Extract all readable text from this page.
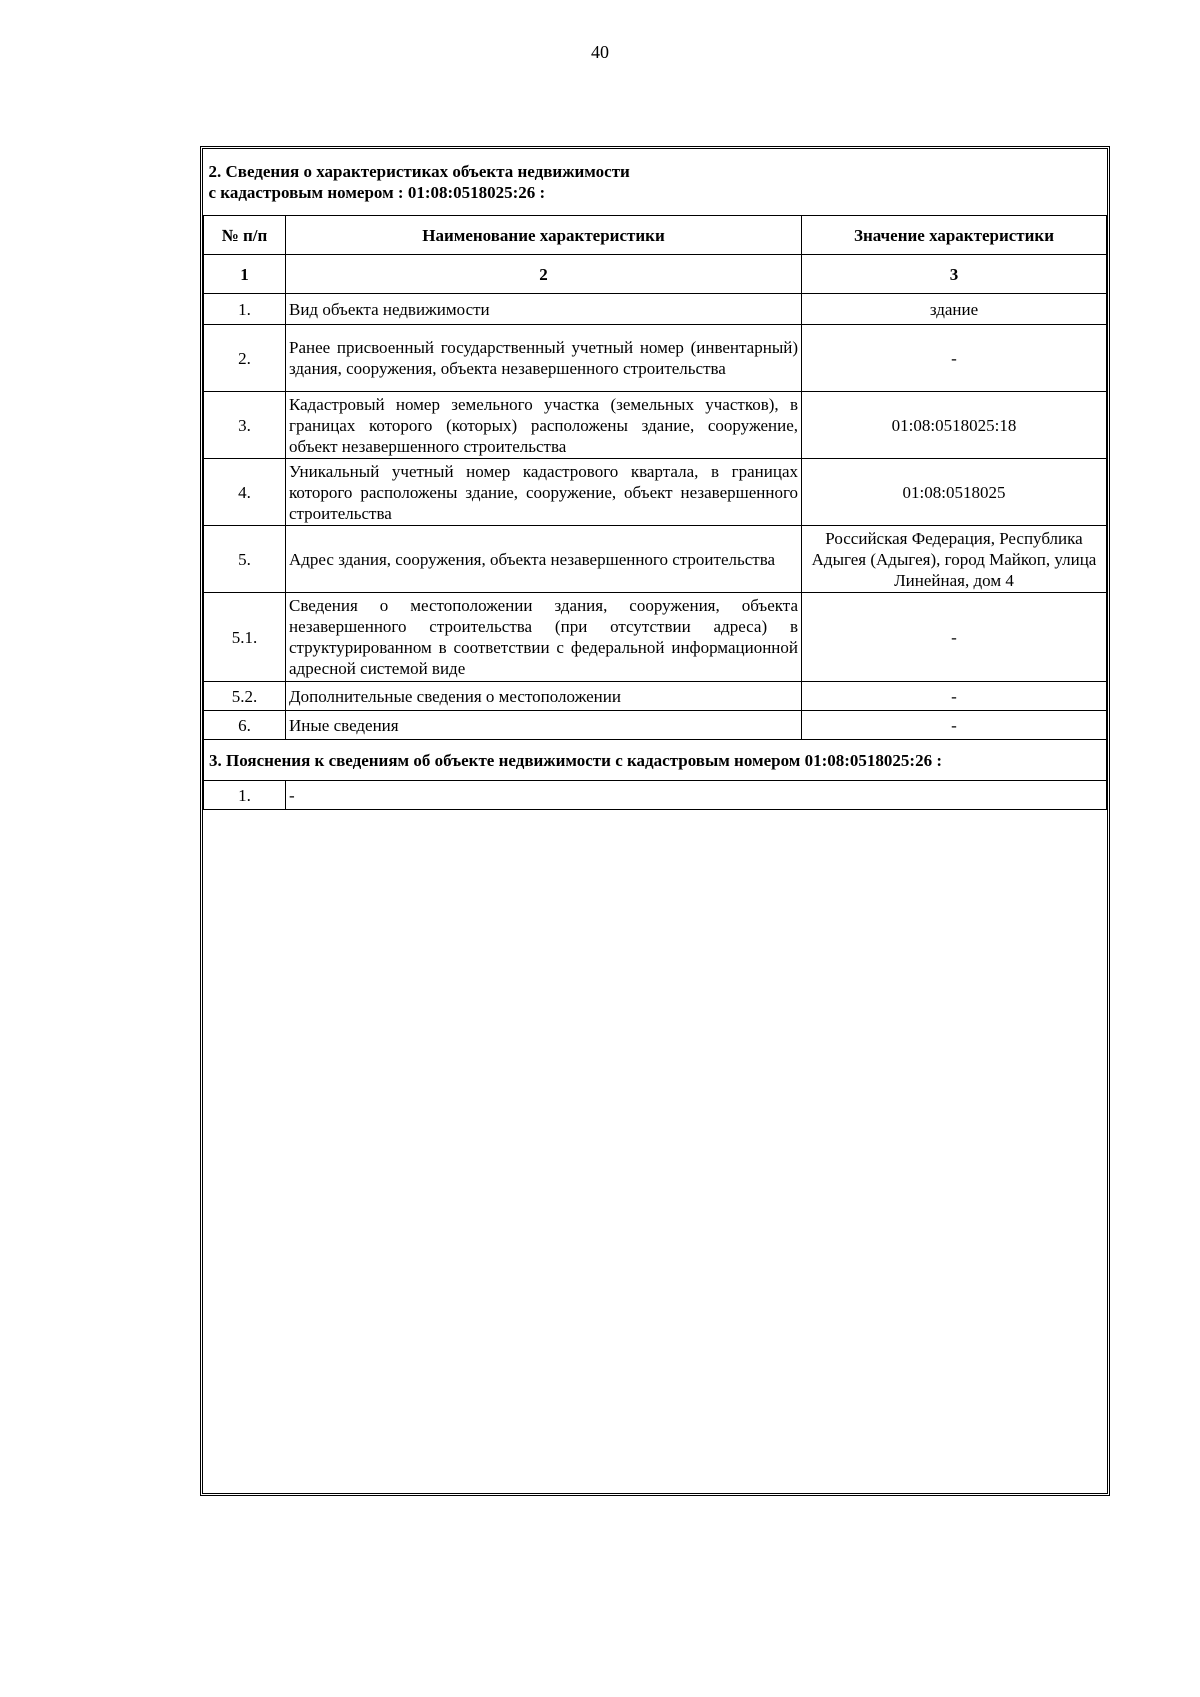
40
2. Сведения о характеристиках объекта недвижимости
с кадастровым номером : 01:08:0518025:26 :		

№ п/п	Наименование характеристики	Значение характеристики
1	2	3
1.	Вид объекта недвижимости	здание
2.	Ранее присвоенный государственный учетный номер (инвентарный) здания, сооружения, объекта незавершенного строительства	-
3.	Кадастровый номер земельного участка (земельных участков), в границах которого (которых) расположены здание, сооружение, объект незавершенного строительства	01:08:0518025:18
4.	Уникальный учетный номер кадастрового квартала, в границах которого расположены здание, сооружение, объект незавершенного строительства	01:08:0518025
5.	Адрес здания, сооружения, объекта незавершенного строительства	Российская Федерация, Республика Адыгея (Адыгея), город Майкоп, улица Линейная, дом 4
5.1.	Сведения о местоположении здания, сооружения, объекта незавершенного строительства (при отсутствии адреса) в структурированном в соответствии с федеральной информационной адресной системой виде	-
5.2.	Дополнительные сведения о местоположении	-
6.	Иные сведения	-
3. Пояснения к сведениям об объекте недвижимости с кадастровым номером 01:08:0518025:26 :		
1.	-	
